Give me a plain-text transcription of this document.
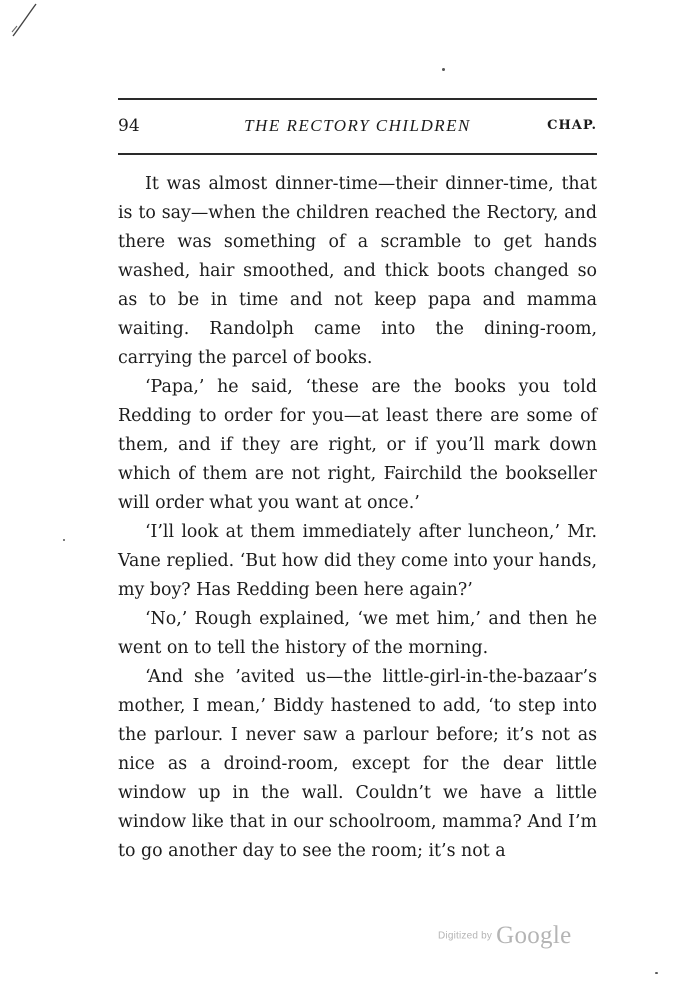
94	THE RECTORY CHILDREN	CHAP.

It was almost dinner-time—their dinner-time, that is to say—when the children reached the Rectory, and there was something of a scramble to get hands washed, hair smoothed, and thick boots changed so as to be in time and not keep papa and mamma waiting. Randolph came into the dining-room, carrying the parcel of books.

‘Papa,’ he said, ‘these are the books you told Redding to order for you—at least there are some of them, and if they are right, or if you’ll mark down which of them are not right, Fairchild the bookseller will order what you want at once.’

‘I’ll look at them immediately after luncheon,’ Mr. Vane replied. ‘But how did they come into your hands, my boy? Has Redding been here again?’

‘No,’ Rough explained, ‘we met him,’ and then he went on to tell the history of the morning.

‘And she ’avited us—the little-girl-in-the-bazaar’s mother, I mean,’ Biddy hastened to add, ‘to step into the parlour. I never saw a parlour before; it’s not as nice as a droind-room, except for the dear little window up in the wall. Couldn’t we have a little window like that in our schoolroom, mamma? And I’m to go another day to see the room; it’s not a

Digitized by Google
